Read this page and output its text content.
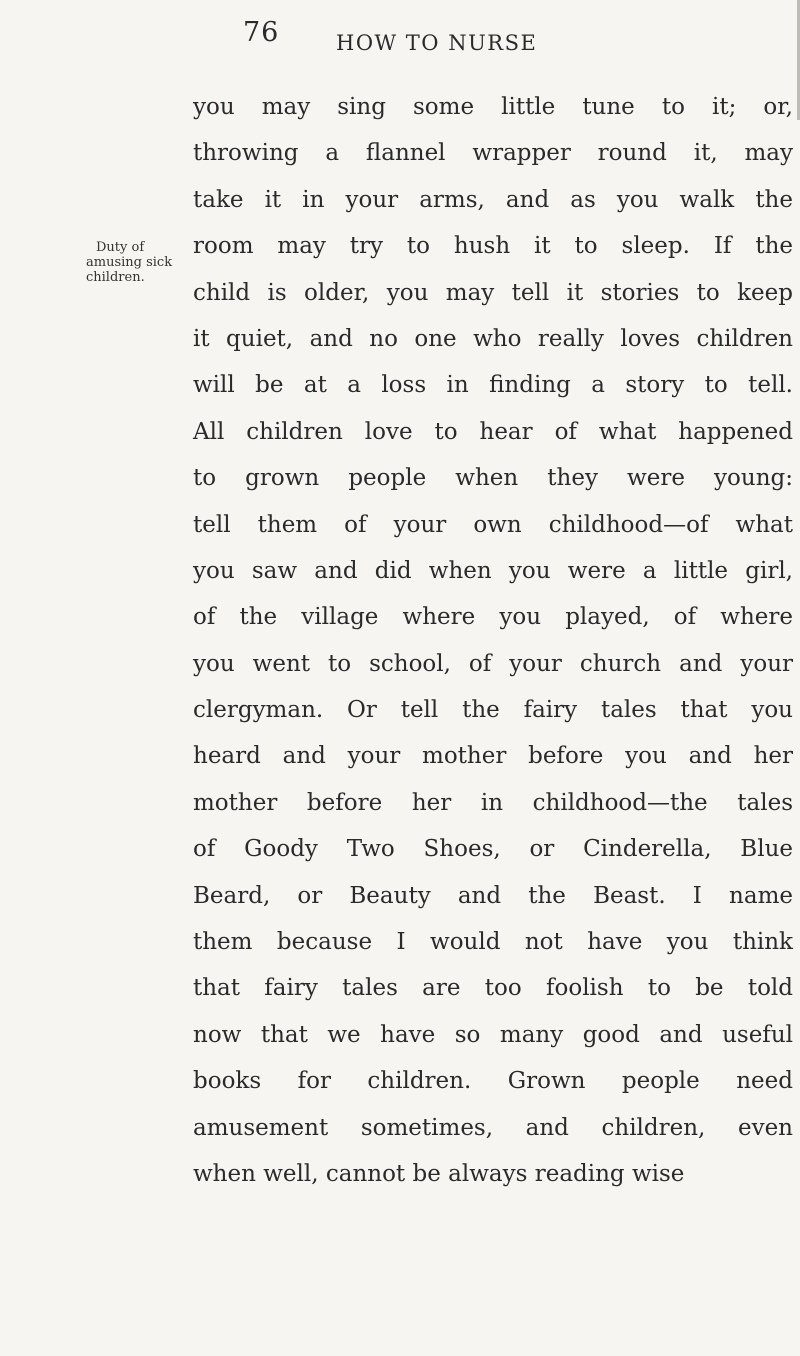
76	HOW TO NURSE
Duty of
amusing sick
children.
you may sing some little tune to it; or,
throwing a flannel wrapper round it, may
take it in your arms, and as you walk the
room may try to hush it to sleep. If the
child is older, you may tell it stories to keep
it quiet, and no one who really loves children
will be at a loss in finding a story to tell.
All children love to hear of what happened
to grown people when they were young:
tell them of your own childhood—of what
you saw and did when you were a little girl,
of the village where you played, of where
you went to school, of your church and your
clergyman. Or tell the fairy tales that you
heard and your mother before you and her
mother before her in childhood—the tales
of Goody Two Shoes, or Cinderella, Blue
Beard, or Beauty and the Beast. I name
them because I would not have you think
that fairy tales are too foolish to be told
now that we have so many good and useful
books for children. Grown people need
amusement sometimes, and children, even
when well, cannot be always reading wise
